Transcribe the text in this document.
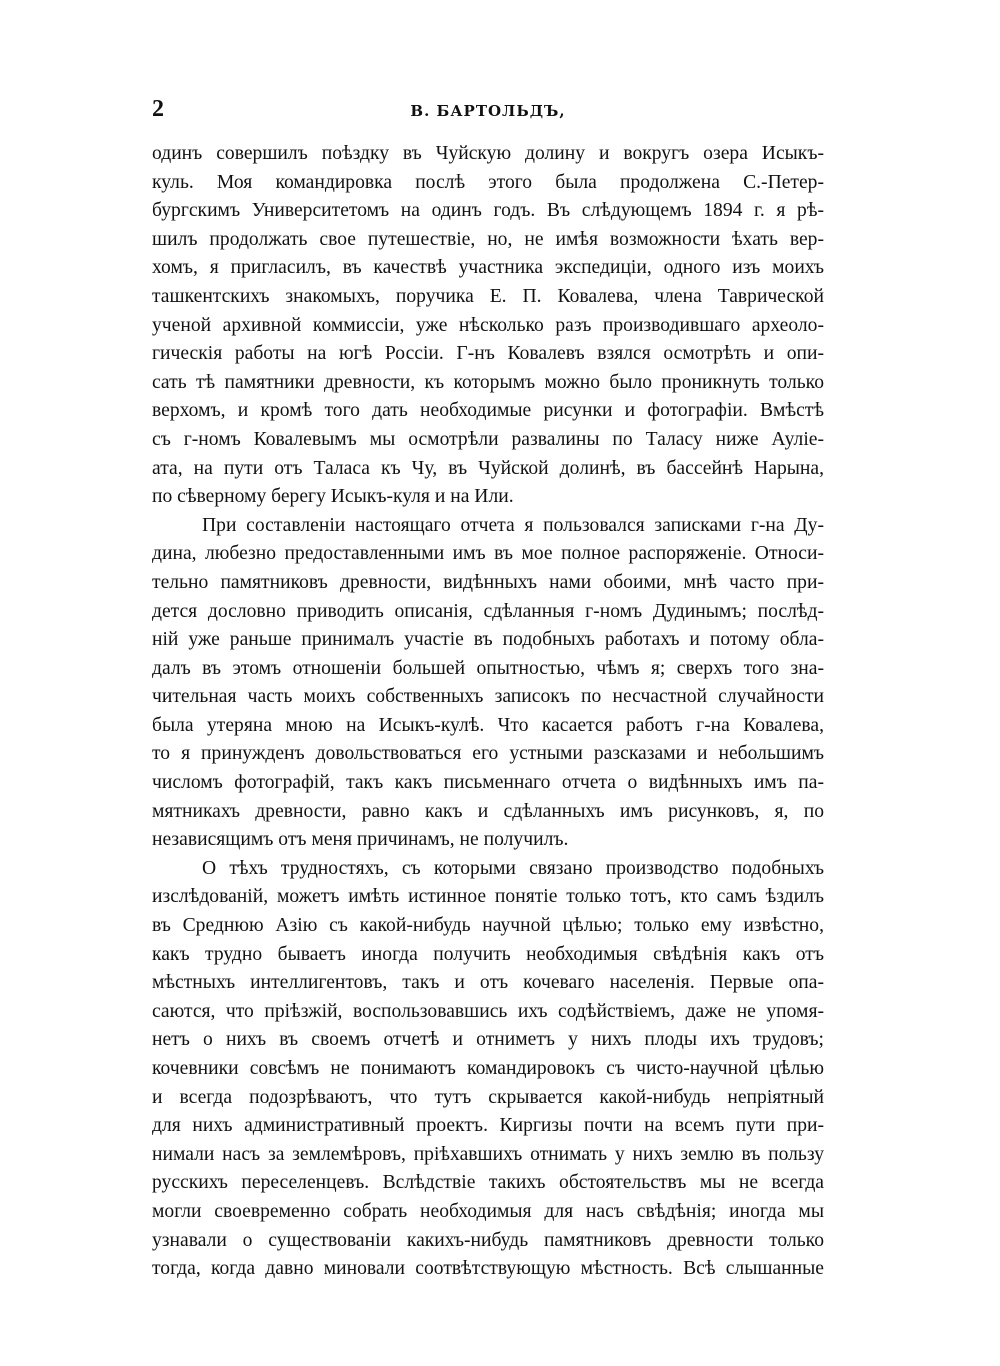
2	В. БАРТОЛЬДЪ,
одинъ совершилъ поѣздку въ Чуйскую долину и вокругъ озера Исыкъ-
куль. Моя командировка послѣ этого была продолжена С.-Петер-
бургскимъ Университетомъ на одинъ годъ. Въ слѣдующемъ 1894 г. я рѣ-
шилъ продолжать свое путешествіе, но, не имѣя возможности ѣхать вер-
хомъ, я пригласилъ, въ качествѣ участника экспедиціи, одного изъ моихъ
ташкентскихъ знакомыхъ, поручика Е. П. Ковалева, члена Таврической
ученой архивной коммиссіи, уже нѣсколько разъ производившаго археоло-
гическія работы на югѣ Россіи. Г-нъ Ковалевъ взялся осмотрѣть и опи-
сать тѣ памятники древности, къ которымъ можно было проникнуть только
верхомъ, и кромѣ того дать необходимые рисунки и фотографіи. Вмѣстѣ
съ г-номъ Ковалевымъ мы осмотрѣли развалины по Таласу ниже Ауліе-
ата, на пути отъ Таласа къ Чу, въ Чуйской долинѣ, въ бассейнѣ Нарына,
по сѣверному берегу Исыкъ-куля и на Или.
При составленіи настоящаго отчета я пользовался записками г-на Ду-
дина, любезно предоставленными имъ въ мое полное распоряженіе. Относи-
тельно памятниковъ древности, видѣнныхъ нами обоими, мнѣ часто при-
дется дословно приводить описанія, сдѣланныя г-номъ Дудинымъ; послѣд-
ній уже раньше принималъ участіе въ подобныхъ работахъ и потому обла-
далъ въ этомъ отношеніи большей опытностью, чѣмъ я; сверхъ того зна-
чительная часть моихъ собственныхъ записокъ по несчастной случайности
была утеряна мною на Исыкъ-кулѣ. Что касается работъ г-на Ковалева,
то я принужденъ довольствоваться его устными разсказами и небольшимъ
числомъ фотографій, такъ какъ письменнаго отчета о видѣнныхъ имъ па-
мятникахъ древности, равно какъ и сдѣланныхъ имъ рисунковъ, я, по
независящимъ отъ меня причинамъ, не получилъ.
О тѣхъ трудностяхъ, съ которыми связано производство подобныхъ
изслѣдованій, можетъ имѣть истинное понятіе только тотъ, кто самъ ѣздилъ
въ Среднюю Азію съ какой-нибудь научной цѣлью; только ему извѣстно,
какъ трудно бываетъ иногда получить необходимыя свѣдѣнія какъ отъ
мѣстныхъ интеллигентовъ, такъ и отъ кочеваго населенія. Первые опа-
саются, что пріѣзжій, воспользовавшись ихъ содѣйствіемъ, даже не упомя-
нетъ о нихъ въ своемъ отчетѣ и отниметъ у нихъ плоды ихъ трудовъ;
кочевники совсѣмъ не понимаютъ командировокъ съ чисто-научной цѣлью
и всегда подозрѣваютъ, что тутъ скрывается какой-нибудь непріятный
для нихъ административный проектъ. Киргизы почти на всемъ пути при-
нимали насъ за землемѣровъ, пріѣхавшихъ отнимать у нихъ землю въ пользу
русскихъ переселенцевъ. Вслѣдствіе такихъ обстоятельствъ мы не всегда
могли своевременно собрать необходимыя для насъ свѣдѣнія; иногда мы
узнавали о существованіи какихъ-нибудь памятниковъ древности только
тогда, когда давно миновали соотвѣтствующую мѣстность. Всѣ слышанные
